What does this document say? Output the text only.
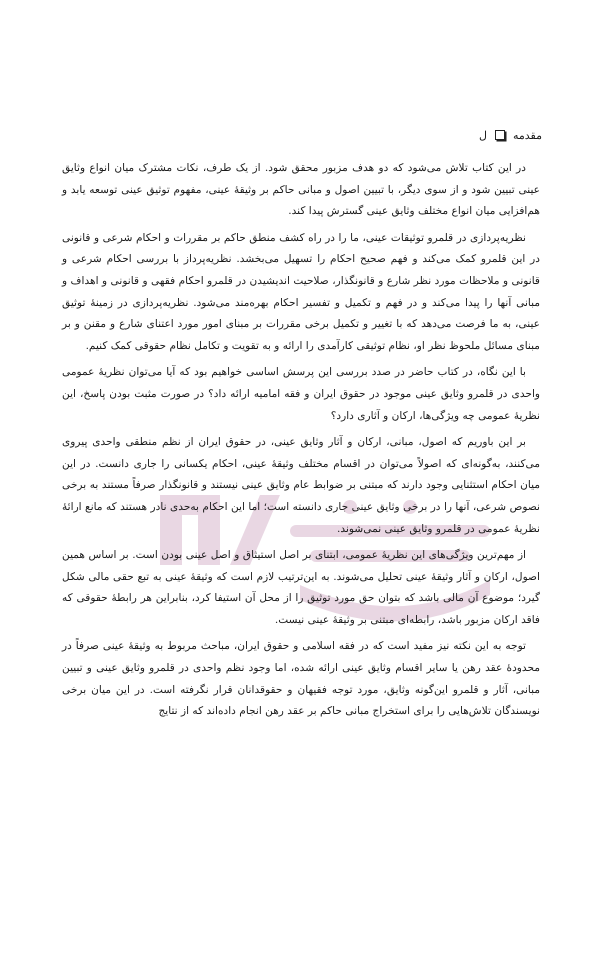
مقدمه
ل

در این کتاب تلاش می‌شود که دو هدف مزبور محقق شود. از یک طرف، نکات مشترک میان انواع وثایق عینی تبیین شود و از سوی دیگر، با تبیین اصول و مبانی حاکم بر وثیقهٔ عینی، مفهوم توثیق عینی توسعه یابد و هم‌افزایی میان انواع مختلف وثایق عینی گسترش پیدا کند.

نظریه‌پردازی در قلمرو توثیقات عینی، ما را در راه کشف منطق حاکم بر مقررات و احکام شرعی و قانونی در این قلمرو کمک می‌کند و فهم صحیح احکام را تسهیل می‌بخشد. نظریه‌پرداز با بررسی احکام شرعی و قانونی و ملاحظات مورد نظر شارع و قانونگذار، صلاحیت اندیشیدن در قلمرو احکام فقهی و قانونی و اهداف و مبانی آنها را پیدا می‌کند و در فهم و تکمیل و تفسیر احکام بهره‌مند می‌شود. نظریه‌پردازی در زمینهٔ توثیق عینی، به ما فرصت می‌دهد که با تغییر و تکمیل برخی مقررات بر مبنای امور مورد اعتنای شارع و مقنن و بر مبنای مسائل ملحوظ نظر او، نظام توثیقی کارآمدی را ارائه و به تقویت و تکامل نظام حقوقی کمک کنیم.

با این نگاه، در کتاب حاضر در صدد بررسی این پرسش اساسی خواهیم بود که آیا می‌توان نظریهٔ عمومی واحدی در قلمرو وثایق عینی موجود در حقوق ایران و فقه امامیه ارائه داد؟ در صورت مثبت بودن پاسخ، این نظریهٔ عمومی چه ویژگی‌ها، ارکان و آثاری دارد؟

بر این باوریم که اصول، مبانی، ارکان و آثار وثایق عینی، در حقوق ایران از نظم منطقی واحدی پیروی می‌کنند، به‌گونه‌ای که اصولاً می‌توان در اقسام مختلف وثیقهٔ عینی، احکام یکسانی را جاری دانست. در این میان احکام استثنایی وجود دارند که مبتنی بر ضوابط عام وثایق عینی نیستند و قانونگذار صرفاً مستند به برخی نصوص شرعی، آنها را در برخی وثایق عینی جاری دانسته است؛ اما این احکام به‌حدی نادر هستند که مانع ارائهٔ نظریهٔ عمومی در قلمرو وثایق عینی نمی‌شوند.

از مهم‌ترین ویژگی‌های این نظریهٔ عمومی، ابتنای بر اصل استیثاق و اصل عینی بودن است. بر اساس همین اصول، ارکان و آثار وثیقهٔ عینی تحلیل می‌شوند. به این‌ترتیب لازم است که وثیقهٔ عینی به تبع حقی مالی شکل گیرد؛ موضوع آن مالی باشد که بتوان حق مورد توثیق را از محل آن استیفا کرد، بنابراین هر رابطهٔ حقوقی که فاقد ارکان مزبور باشد، رابطه‌ای مبتنی بر وثیقهٔ عینی نیست.

توجه به این نکته نیز مفید است که در فقه اسلامی و حقوق ایران، مباحث مربوط به وثیقهٔ عینی صرفاً در محدودهٔ عقد رهن یا سایر اقسام وثایق عینی ارائه شده، اما وجود نظم واحدی در قلمرو وثایق عینی و تبیین مبانی، آثار و قلمرو این‌گونه وثایق، مورد توجه فقیهان و حقوقدانان قرار نگرفته است. در این میان برخی نویسندگان تلاش‌هایی را برای استخراج مبانی حاکم بر عقد رهن انجام داده‌اند که از نتایج
